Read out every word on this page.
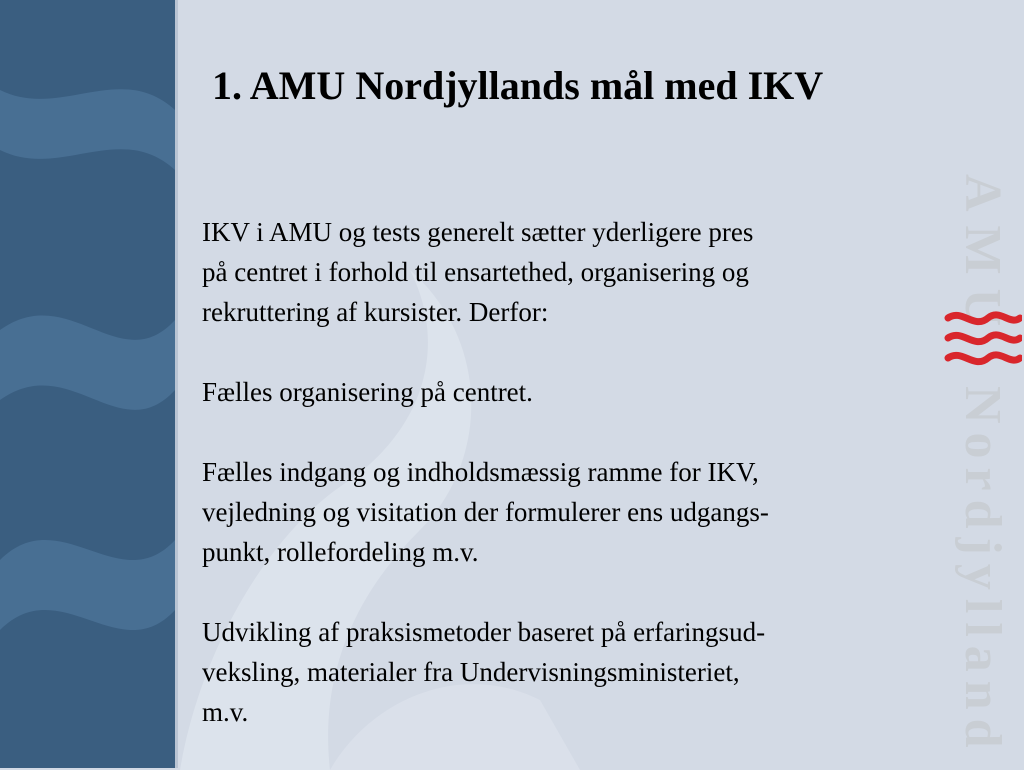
1. AMU Nordjyllands mål med IKV

IKV i AMU og tests generelt sætter yderligere pres
på centret i forhold til ensartethed, organisering og
rekruttering af kursister. Derfor:

Fælles organisering på centret.

Fælles indgang og indholdsmæssig ramme for IKV,
vejledning og visitation der formulerer ens udgangs-
punkt, rollefordeling m.v.

Udvikling af praksismetoder baseret på erfaringsud-
veksling, materialer fra Undervisningsministeriet,
m.v.

AMU
Nordjylland
